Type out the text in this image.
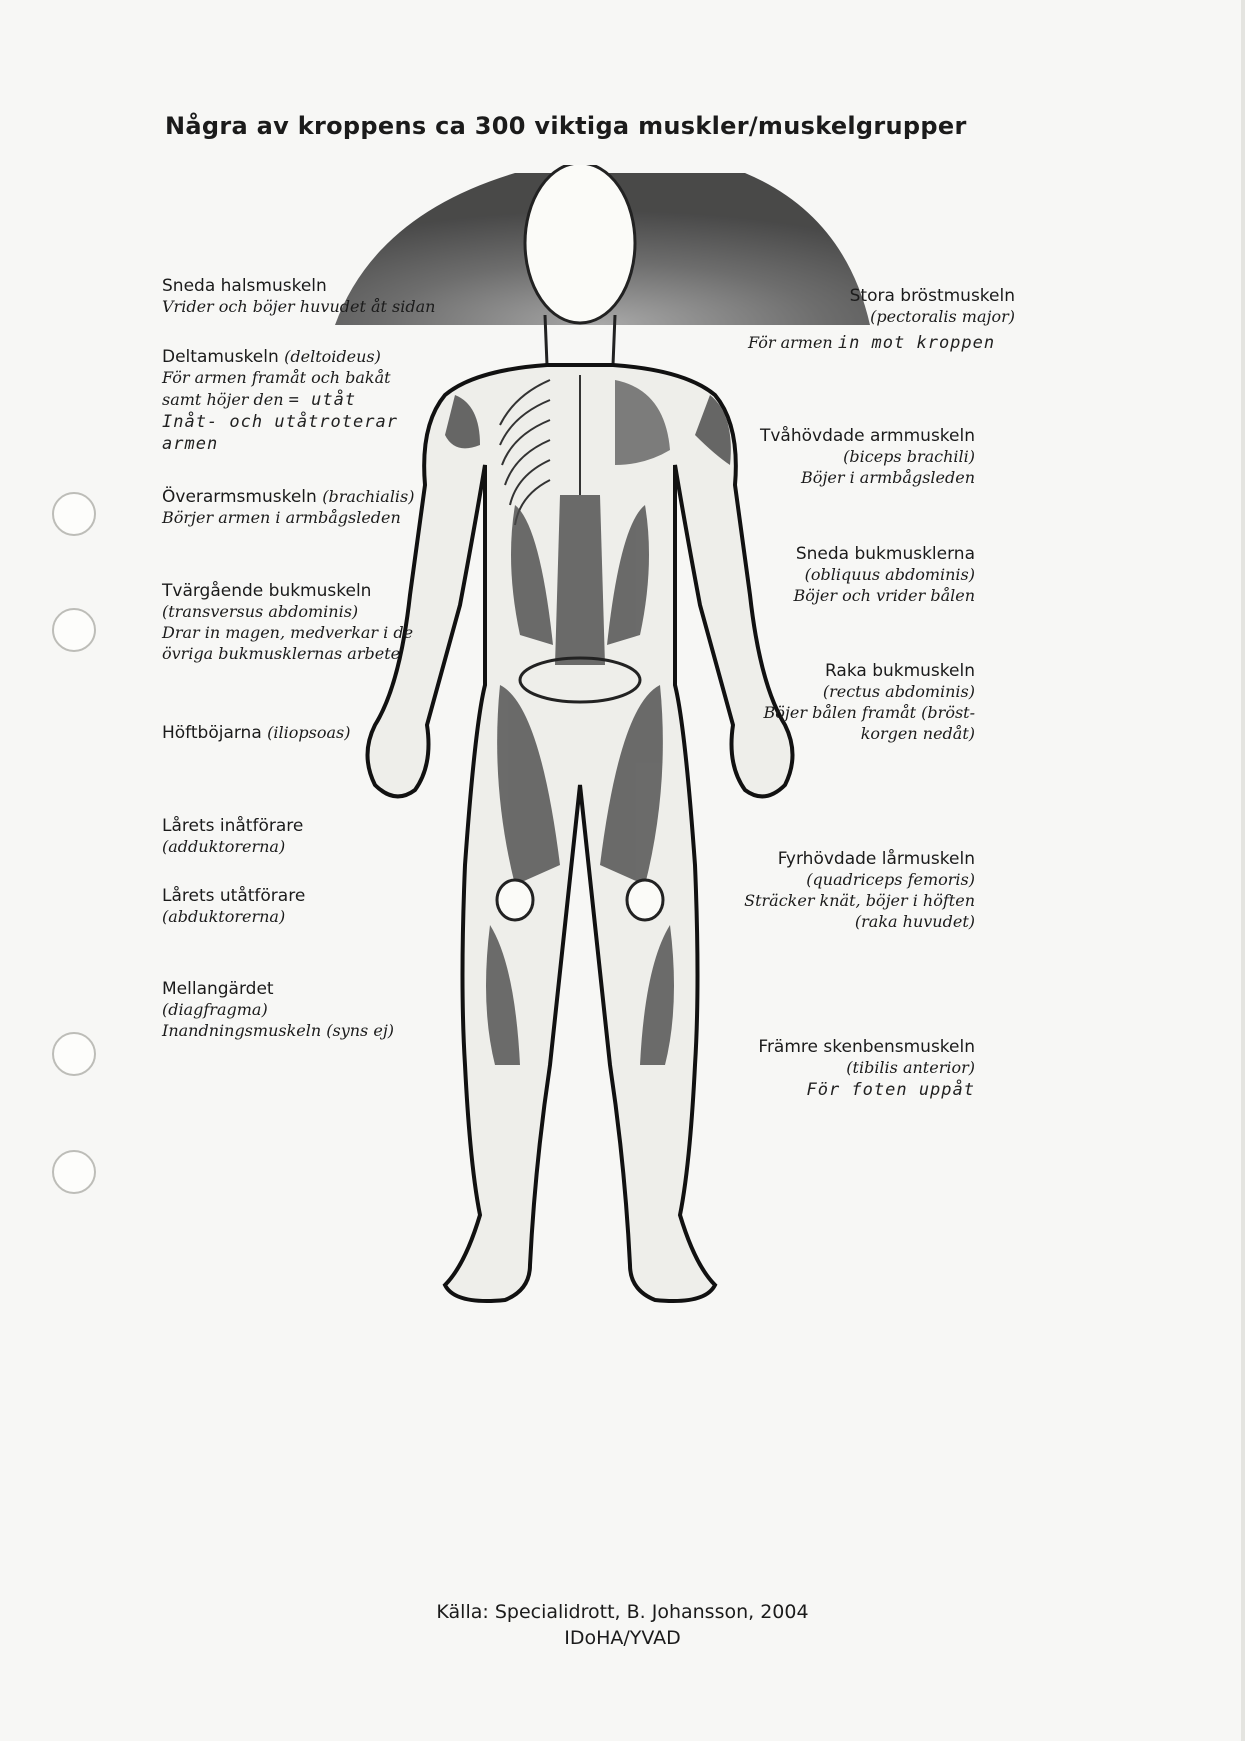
Några av kroppens ca 300 viktiga muskler/muskelgrupper
Sneda halsmuskeln
Vrider och böjer huvudet åt sidan
Deltamuskeln (deltoideus)
För armen framåt och bakåt
samt höjer den = utåt
Inåt- och utåtroterar
armen
Överarmsmuskeln (brachialis)
Börjer armen i armbågsleden
Tvärgående bukmuskeln
(transversus abdominis)
Drar in magen, medverkar i de
övriga bukmusklernas arbete
Höftböjarna (iliopsoas)
Lårets inåtförare
(adduktorerna)
Lårets utåtförare
(abduktorerna)
Mellangärdet
(diagfragma)
Inandningsmuskeln (syns ej)
Stora bröstmuskeln
(pectoralis major)
För armen in mot kroppen
Tvåhövdade armmuskeln
(biceps brachili)
Böjer i armbågsleden
Sneda bukmusklerna
(obliquus abdominis)
Böjer och vrider bålen
Raka bukmuskeln
(rectus abdominis)
Böjer bålen framåt (bröst-
korgen nedåt)
Fyrhövdade lårmuskeln
(quadriceps femoris)
Sträcker knät, böjer i höften
(raka huvudet)
Främre skenbensmuskeln
(tibilis anterior)
För foten uppåt
Källa: Specialidrott, B. Johansson, 2004
IDoHA/YVAD
